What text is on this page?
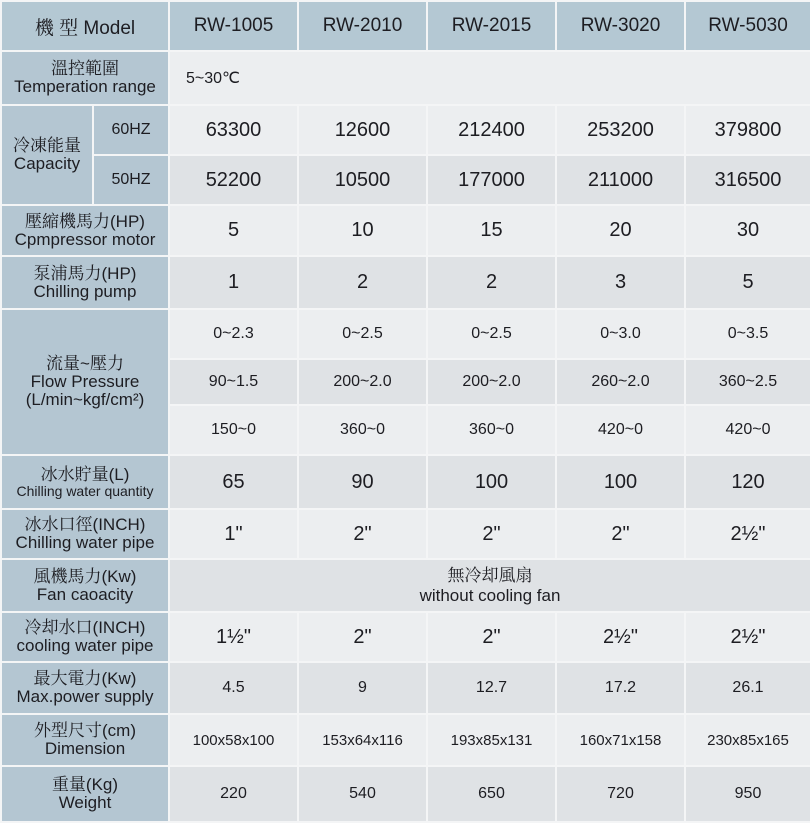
機 型 Model		RW-1005	RW-2010	RW-2015	RW-3020	RW-5030

溫控範圍
Temperation range		5~30℃				

冷凍能量
Capacity	60HZ	63300	12600	212400	253200	379800
	50HZ	52200	10500	177000	211000	316500

壓縮機馬力(HP)
Cpmpressor motor		5	10	15	20	30

泵浦馬力(HP)
Chilling pump		1	2	2	3	5

流量~壓力
Flow Pressure
(L/min~kgf/cm²)		0~2.3	0~2.5	0~2.5	0~3.0	0~3.5
		90~1.5	200~2.0	200~2.0	260~2.0	360~2.5
		150~0	360~0	360~0	420~0	420~0

冰水貯量(L)
Chilling water quantity		65	90	100	100	120

冰水口徑(INCH)
Chilling water pipe		1"	2"	2"	2"	2½"

風機馬力(Kw)
Fan caoacity		無冷却風扇
without cooling fan				

冷却水口(INCH)
cooling water pipe		1½"	2"	2"	2½"	2½"

最大電力(Kw)
Max.power supply		4.5	9	12.7	17.2	26.1

外型尺寸(cm)
Dimension		100x58x100	153x64x116	193x85x131	160x71x158	230x85x165

重量(Kg)
Weight		220	540	650	720	950
